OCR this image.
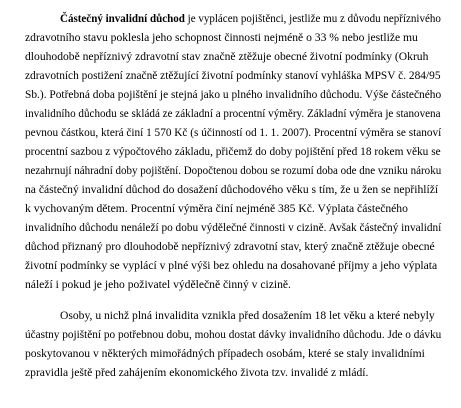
Částečný invalidní důchod je vyplácen pojištěnci, jestliže mu z důvodu nepříznivého
zdravotního stavu poklesla jeho schopnost činnosti nejméně o 33 % nebo jestliže mu
dlouhodobě nepříznivý zdravotní stav značně ztěžuje obecné životní podmínky (Okruh
zdravotních postižení značně ztěžující životní podmínky stanoví vyhláška MPSV č. 284/95
Sb.). Potřebná doba pojištění je stejná jako u plného invalidního důchodu. Výše částečného
invalidního důchodu se skládá ze základní a procentní výměry. Základní výměra je stanovena
pevnou částkou, která činí 1 570 Kč (s účinností od 1. 1. 2007). Procentní výměra se stanoví
procentní sazbou z výpočtového základu, přičemž do doby pojištění před 18 rokem věku se
nezahrnují náhradní doby pojištění. Dopočtenou dobou se rozumí doba ode dne vzniku nároku
na částečný invalidní důchod do dosažení důchodového věku s tím, že u žen se nepřihlíží
k vychovaným dětem. Procentní výměra činí nejméně 385 Kč. Výplata částečného
invalidního důchodu nenáleží po dobu výdělečné činnosti v cizině. Avšak částečný invalidní
důchod přiznaný pro dlouhodobě nepříznivý zdravotní stav, který značně ztěžuje obecné
životní podmínky se vyplácí v plné výši bez ohledu na dosahované příjmy a jeho výplata
náleží i pokud je jeho poživatel výdělečně činný v cizině.
Osoby, u nichž plná invalidita vznikla před dosažením 18 let věku a které nebyly
účastny pojištění po potřebnou dobu, mohou dostat dávky invalidního důchodu. Jde o dávku
poskytovanou v některých mimořádných případech osobám, které se staly invalidními
zpravidla ještě před zahájením ekonomického života tzv. invalidé z mládí.
